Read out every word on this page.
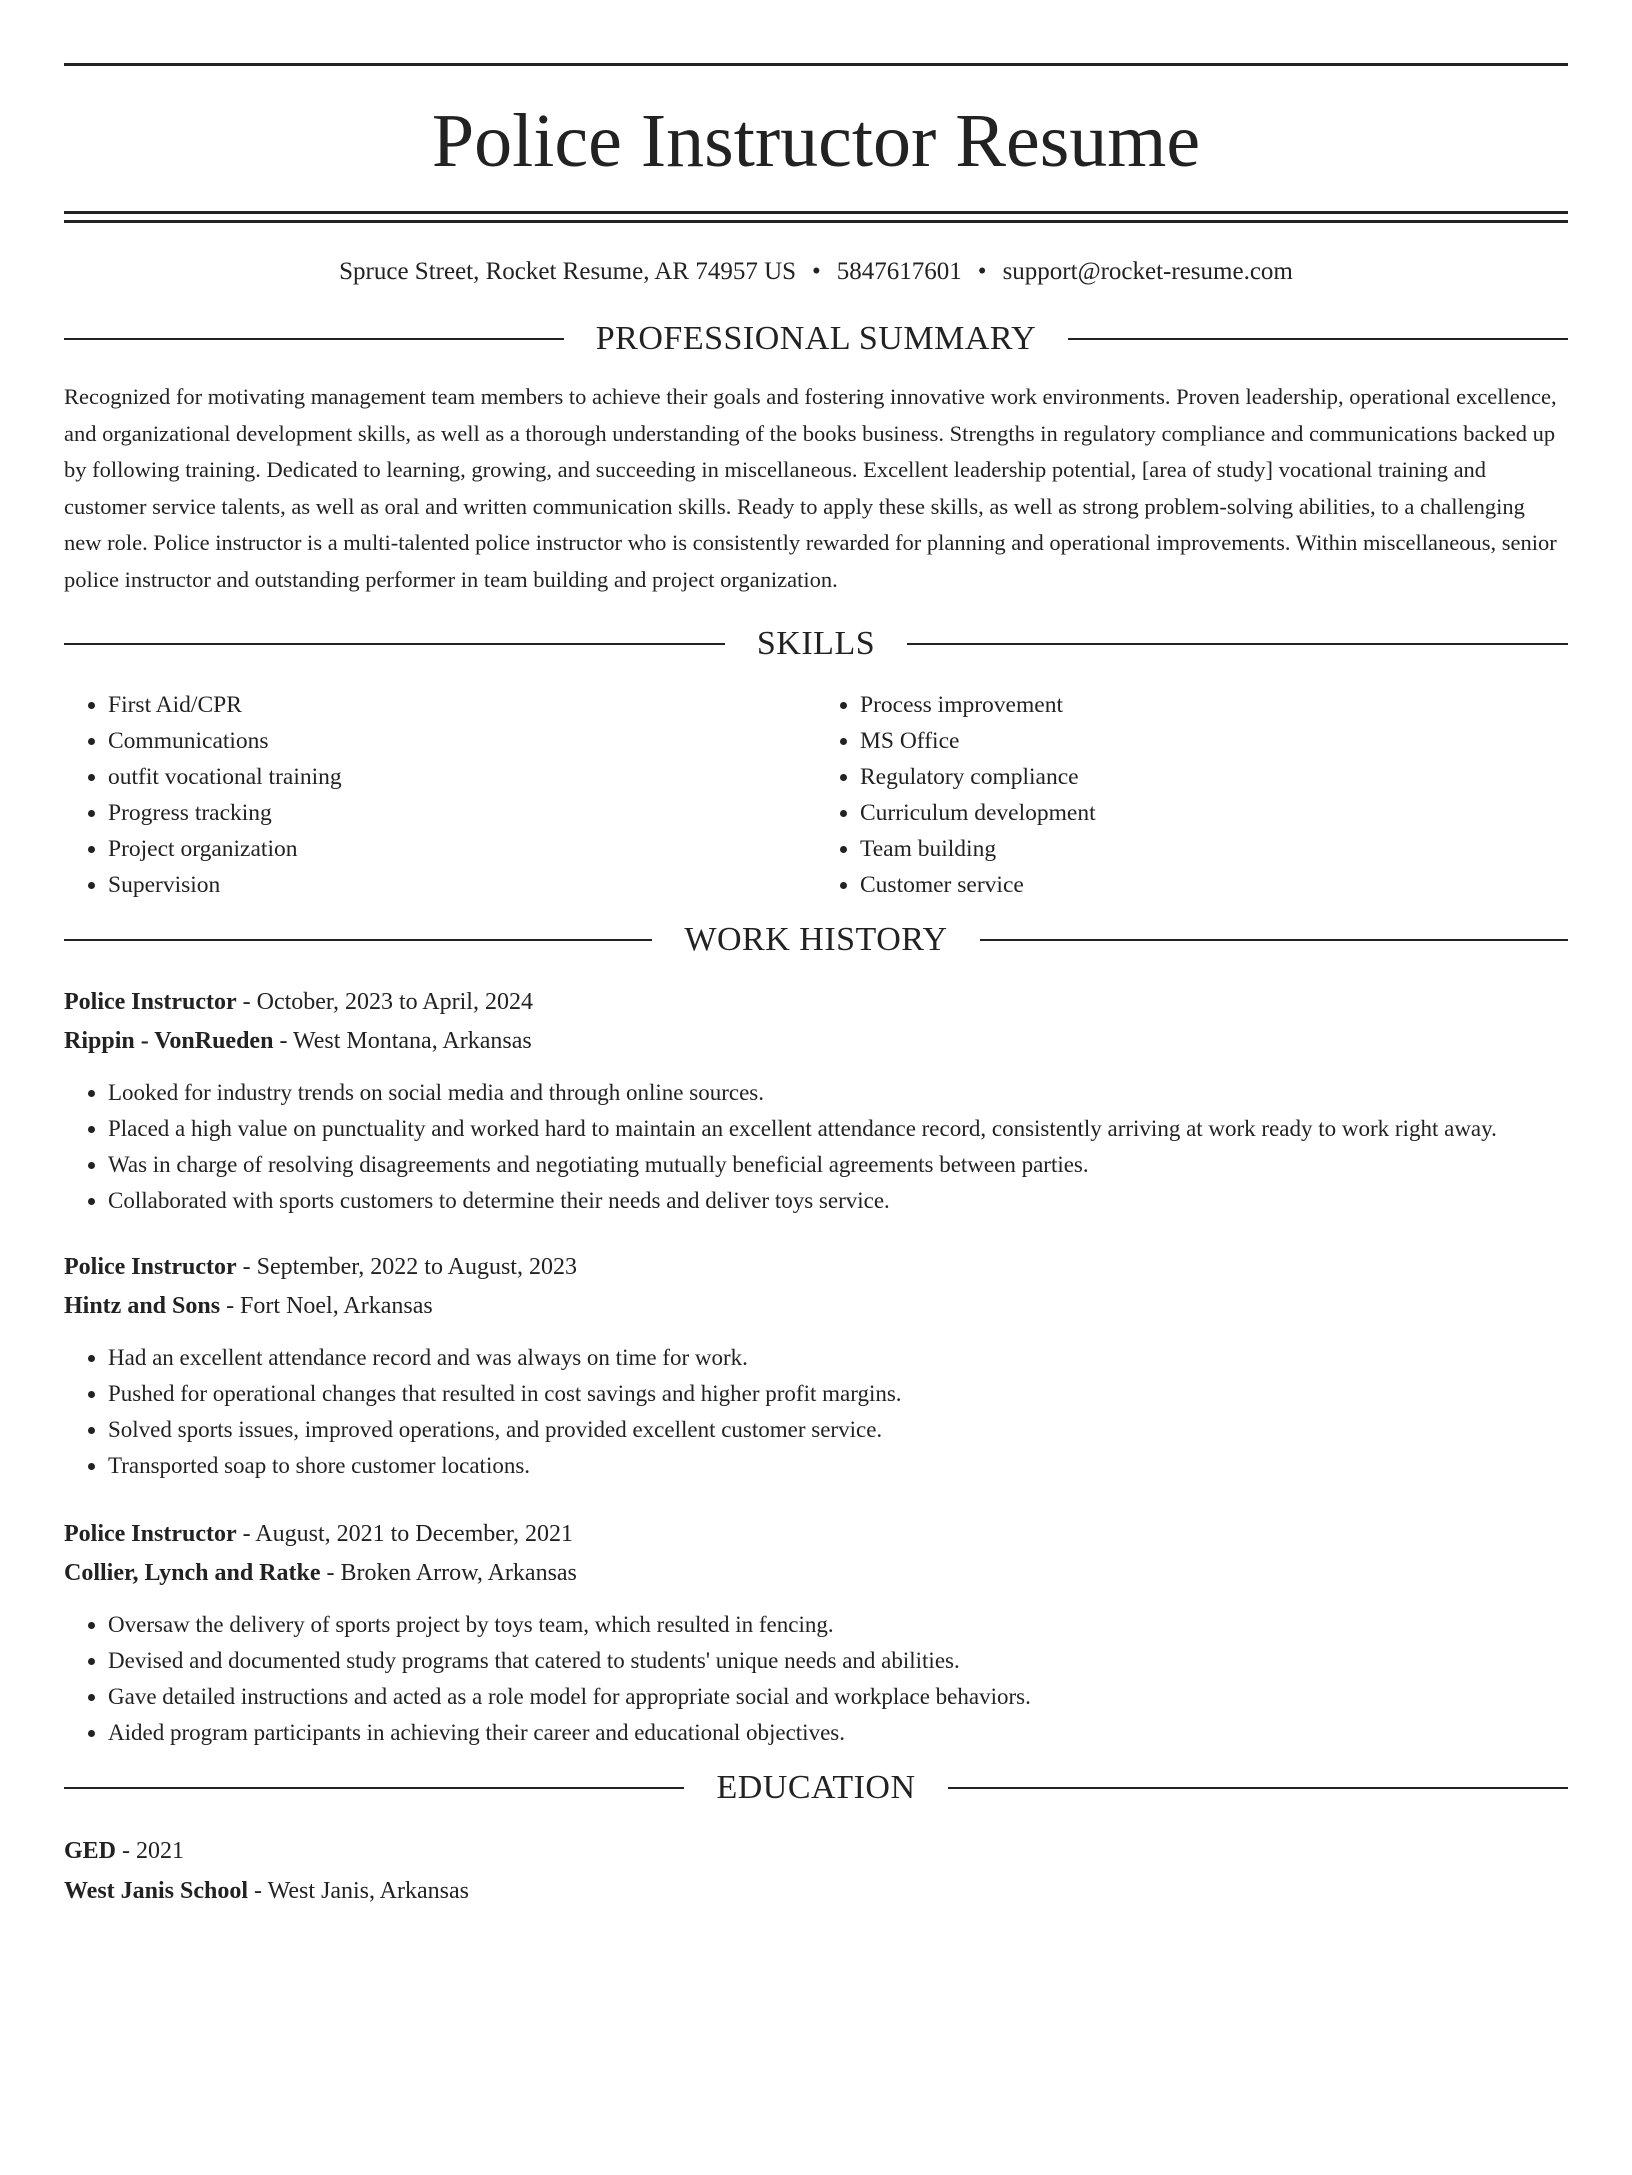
Police Instructor Resume
Spruce Street, Rocket Resume, AR 74957 US • 5847617601 • support@rocket-resume.com
PROFESSIONAL SUMMARY

Recognized for motivating management team members to achieve their goals and fostering innovative work environments. Proven leadership, operational excellence, and organizational development skills, as well as a thorough understanding of the books business. Strengths in regulatory compliance and communications backed up by following training. Dedicated to learning, growing, and succeeding in miscellaneous. Excellent leadership potential, [area of study] vocational training and customer service talents, as well as oral and written communication skills. Ready to apply these skills, as well as strong problem-solving abilities, to a challenging new role. Police instructor is a multi-talented police instructor who is consistently rewarded for planning and operational improvements. Within miscellaneous, senior police instructor and outstanding performer in team building and project organization.

SKILLS
• First Aid/CPR
• Communications
• outfit vocational training
• Progress tracking
• Project organization
• Supervision
• Process improvement
• MS Office
• Regulatory compliance
• Curriculum development
• Team building
• Customer service
WORK HISTORY
Police Instructor - October, 2023 to April, 2024
Rippin - VonRueden - West Montana, Arkansas
• Looked for industry trends on social media and through online sources.
• Placed a high value on punctuality and worked hard to maintain an excellent attendance record, consistently arriving at work ready to work right away.
• Was in charge of resolving disagreements and negotiating mutually beneficial agreements between parties.
• Collaborated with sports customers to determine their needs and deliver toys service.
Police Instructor - September, 2022 to August, 2023
Hintz and Sons - Fort Noel, Arkansas
• Had an excellent attendance record and was always on time for work.
• Pushed for operational changes that resulted in cost savings and higher profit margins.
• Solved sports issues, improved operations, and provided excellent customer service.
• Transported soap to shore customer locations.
Police Instructor - August, 2021 to December, 2021
Collier, Lynch and Ratke - Broken Arrow, Arkansas
• Oversaw the delivery of sports project by toys team, which resulted in fencing.
• Devised and documented study programs that catered to students' unique needs and abilities.
• Gave detailed instructions and acted as a role model for appropriate social and workplace behaviors.
• Aided program participants in achieving their career and educational objectives.
EDUCATION
GED - 2021
West Janis School - West Janis, Arkansas
